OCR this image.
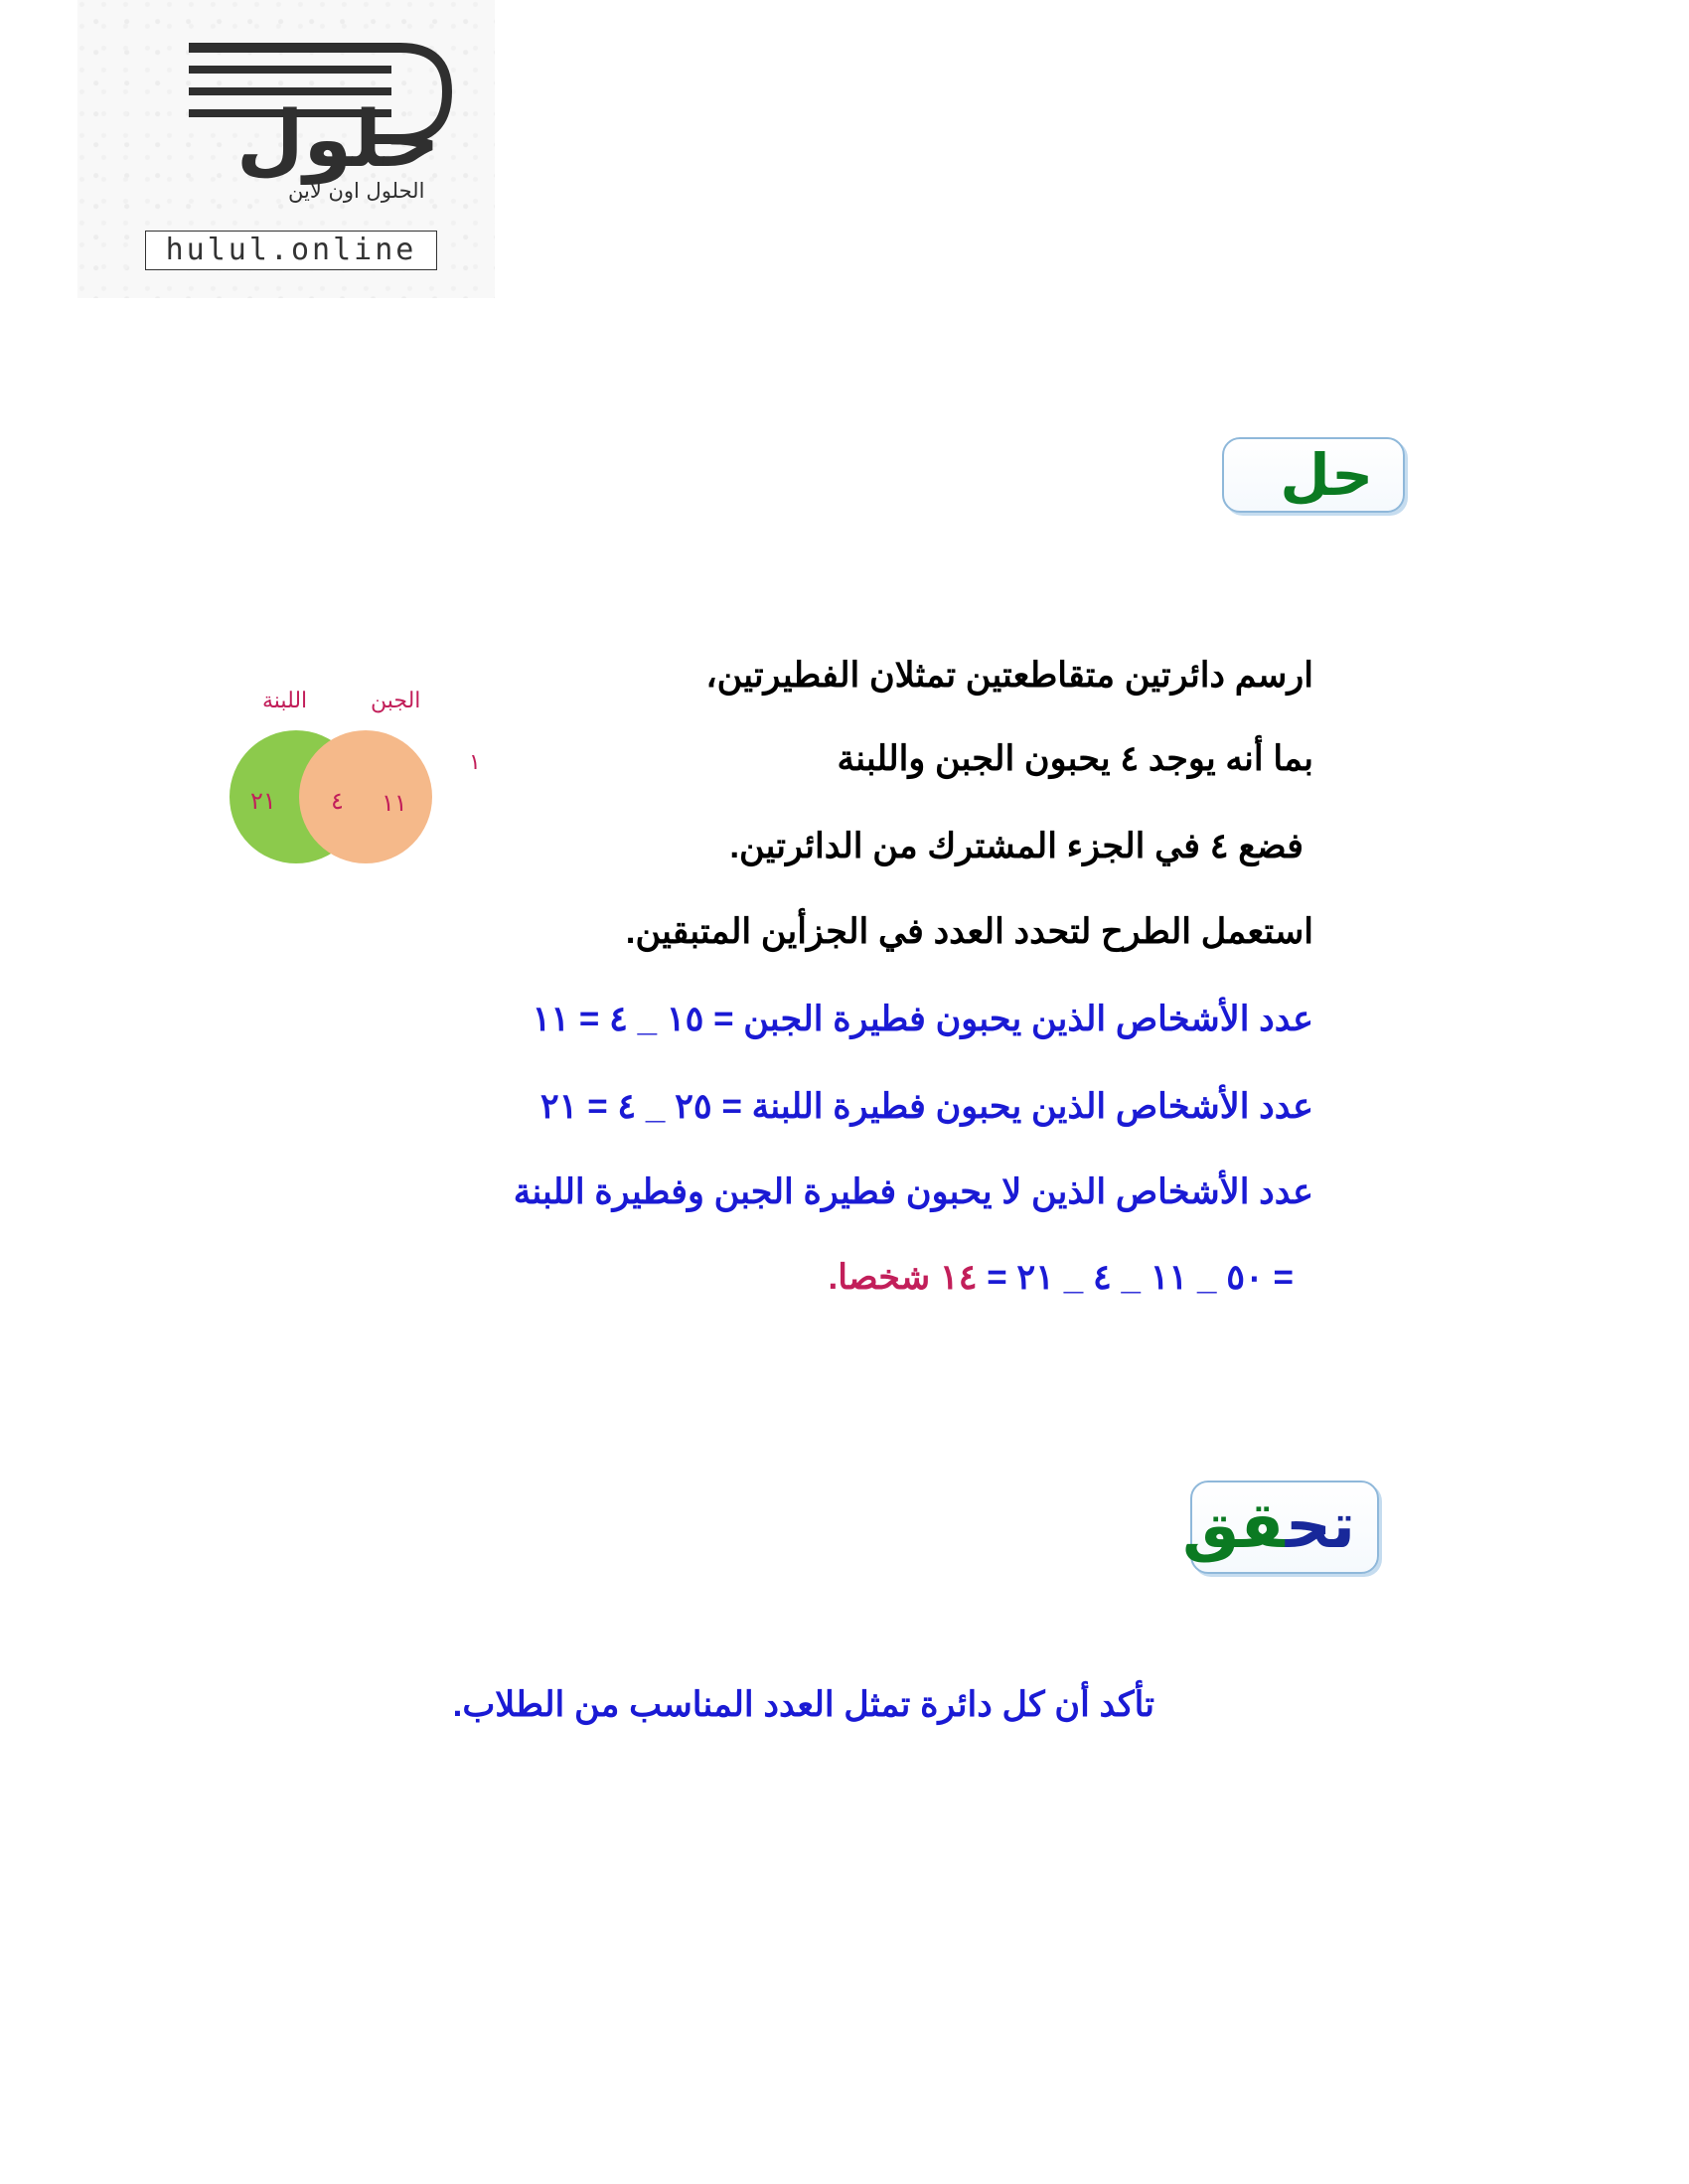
حلول
الحلول اون لاين
hulul.online
حل
اللبنة	الجبن
٢١ ٤ ١١
١
ارسم دائرتين متقاطعتين تمثلان الفطيرتين،
بما أنه يوجد ٤ يحبون الجبن واللبنة
فضع ٤ في الجزء المشترك من الدائرتين.
استعمل الطرح لتحدد العدد في الجزأين المتبقين.
عدد الأشخاص الذين يحبون فطيرة الجبن = ١٥ _ ٤ = ١١
عدد الأشخاص الذين يحبون فطيرة اللبنة = ٢٥ _ ٤ = ٢١
عدد الأشخاص الذين لا يحبون فطيرة الجبن وفطيرة اللبنة
= ٥٠ _ ١١ _ ٤ _ ٢١ = ١٤ شخصا.
تحقق
تأكد أن كل دائرة تمثل العدد المناسب من الطلاب.
